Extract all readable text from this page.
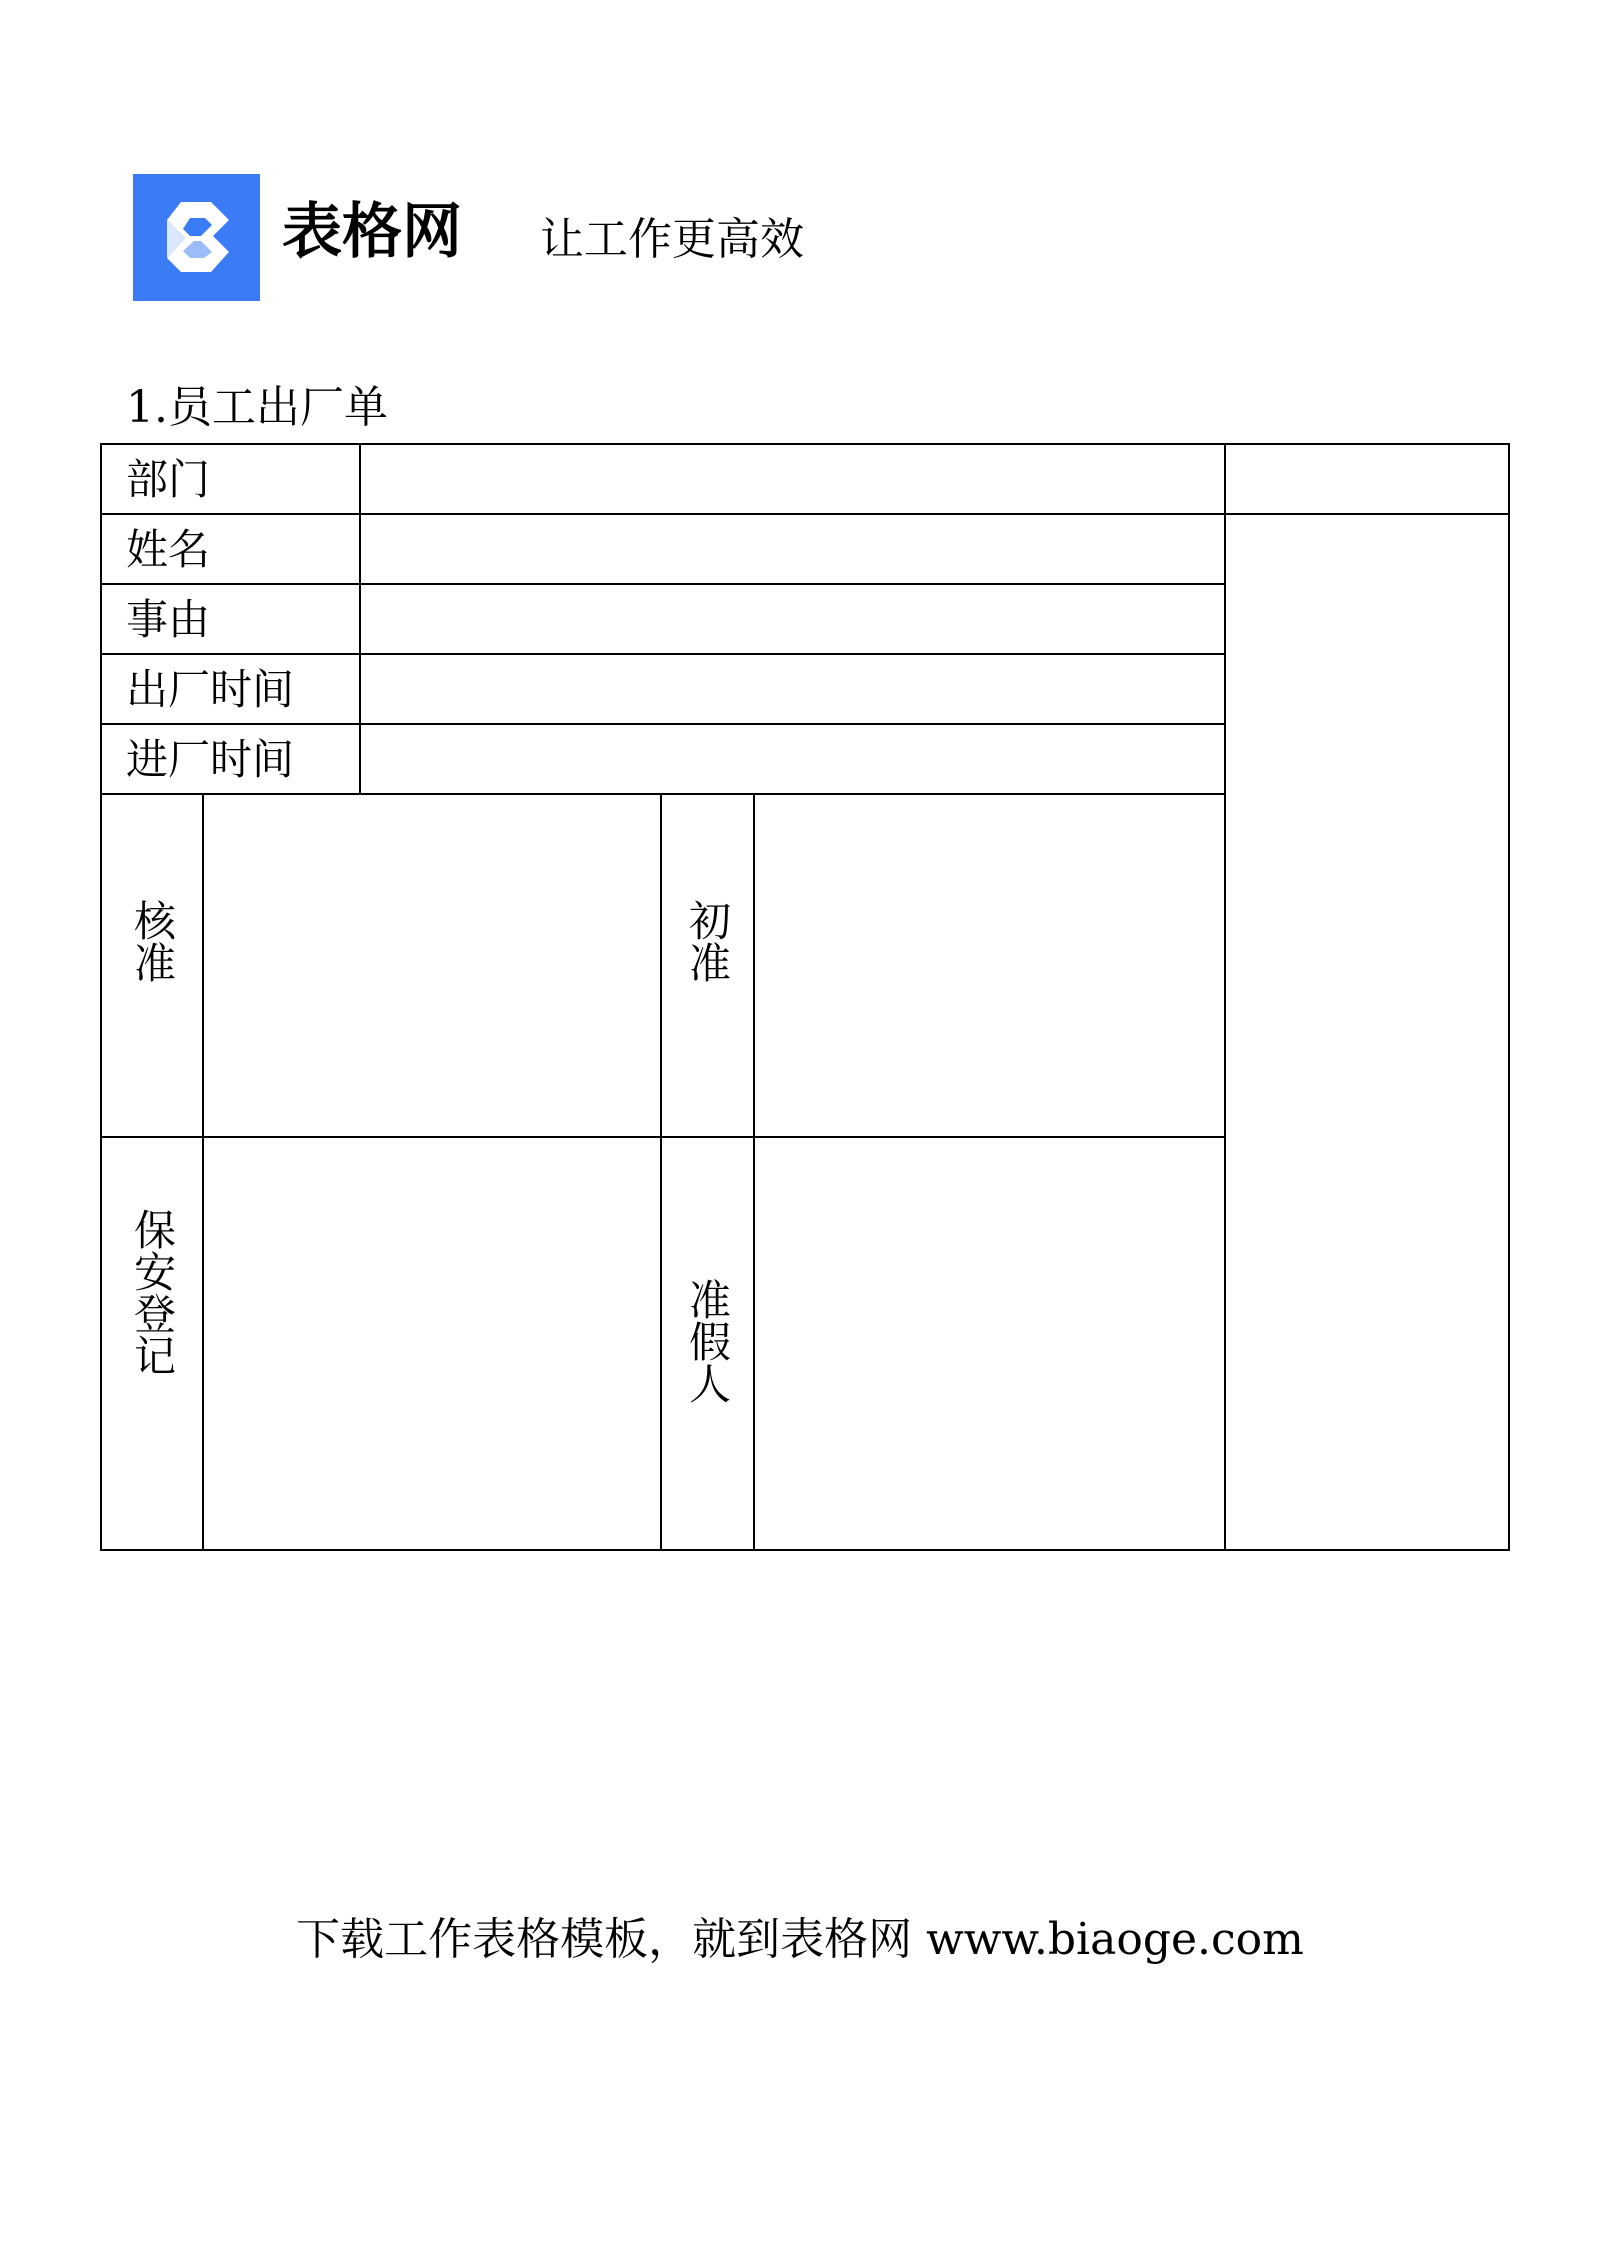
表格网 让工作更高效
1.员工出厂单
部门
姓名
事由
出厂时间
进厂时间
核准	初准
保安登记	准假人
下载工作表格模板，就到表格网 www.biaoge.com
